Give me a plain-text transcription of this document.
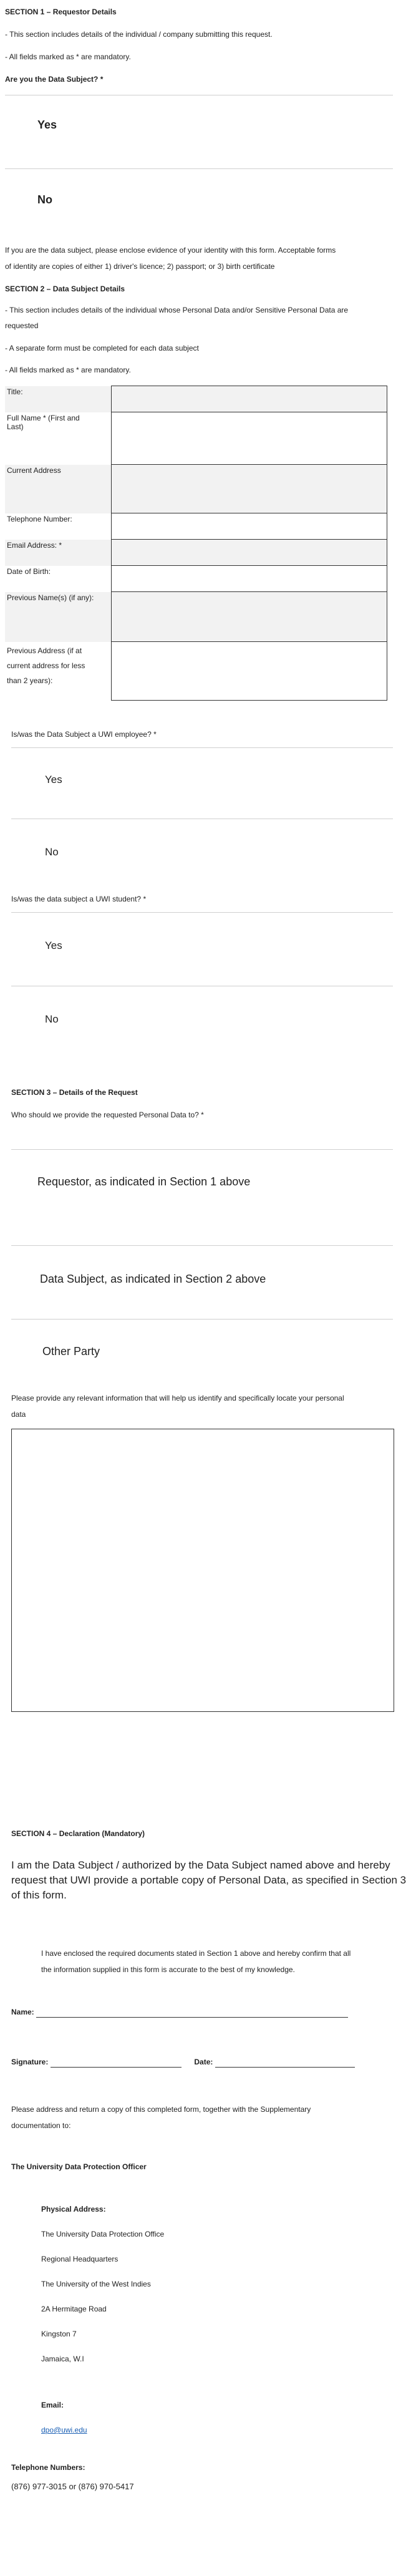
SECTION 1 – Requestor Details
- This section includes details of the individual / company submitting this request.
- All fields marked as * are mandatory.
Are you the Data Subject? *
Yes
No
If you are the data subject, please enclose evidence of your identity with this form. Acceptable forms
of identity are copies of either 1) driver's licence; 2) passport; or 3) birth certificate
SECTION 2 – Data Subject Details
- This section includes details of the individual whose Personal Data and/or Sensitive Personal Data are
requested
- A separate form must be completed for each data subject
- All fields marked as * are mandatory.
Title:	
Full Name * (First and
Last)	
Current Address	
Telephone Number:	
Email Address: *	
Date of Birth:	
Previous Name(s) (if any):	
Previous Address (if at
current address for less
than 2 years):	
Is/was the Data Subject a UWI employee? *
Yes
No
Is/was the data subject a UWI student? *
Yes
No
SECTION 3 – Details of the Request
Who should we provide the requested Personal Data to? *
Requestor, as indicated in Section 1 above
Data Subject, as indicated in Section 2 above
Other Party
Please provide any relevant information that will help us identify and specifically locate your personal
data
SECTION 4 – Declaration (Mandatory)
I am the Data Subject / authorized by the Data Subject named above and hereby
request that UWI provide a portable copy of Personal Data, as specified in Section 3
of this form.
I have enclosed the required documents stated in Section 1 above and hereby confirm that all
the information supplied in this form is accurate to the best of my knowledge.
Name:
Signature:	Date:
Please address and return a copy of this completed form, together with the Supplementary
documentation to:
The University Data Protection Officer
Physical Address:
The University Data Protection Office
Regional Headquarters
The University of the West Indies
2A Hermitage Road
Kingston 7
Jamaica, W.I
Email:
dpo@uwi.edu
Telephone Numbers:
(876) 977-3015 or (876) 970-5417
